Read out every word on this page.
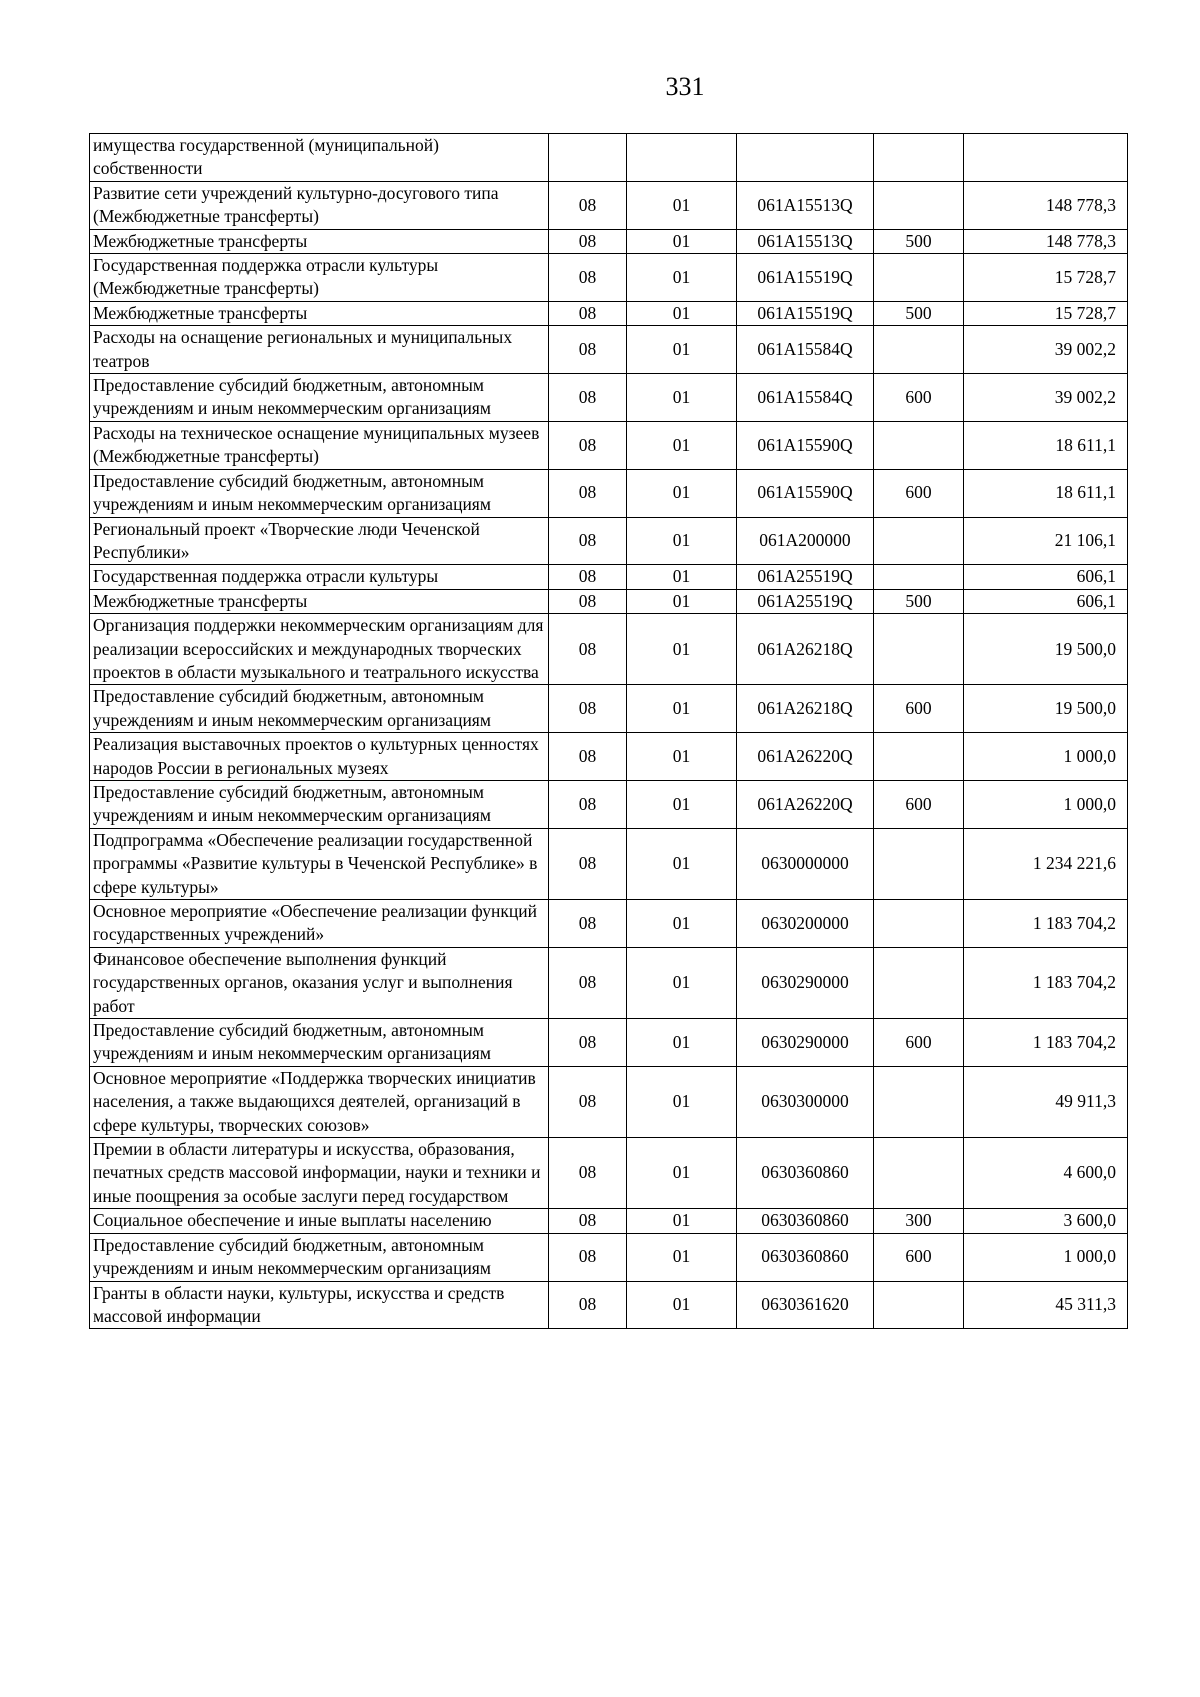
331
имущества государственной (муниципальной) собственности					
Развитие сети учреждений культурно-досугового типа (Межбюджетные трансферты)	08	01	061A15513Q		148 778,3
Межбюджетные трансферты	08	01	061A15513Q	500	148 778,3
Государственная поддержка отрасли культуры (Межбюджетные трансферты)	08	01	061A15519Q		15 728,7
Межбюджетные трансферты	08	01	061A15519Q	500	15 728,7
Расходы на оснащение региональных и муниципальных театров	08	01	061A15584Q		39 002,2
Предоставление субсидий бюджетным, автономным учреждениям и иным некоммерческим организациям	08	01	061A15584Q	600	39 002,2
Расходы на техническое оснащение муниципальных музеев (Межбюджетные трансферты)	08	01	061A15590Q		18 611,1
Предоставление субсидий бюджетным, автономным учреждениям и иным некоммерческим организациям	08	01	061A15590Q	600	18 611,1
Региональный проект «Творческие люди Чеченской Республики»	08	01	061A200000		21 106,1
Государственная поддержка отрасли культуры	08	01	061A25519Q		606,1
Межбюджетные трансферты	08	01	061A25519Q	500	606,1
Организация поддержки некоммерческим организациям для реализации всероссийских и международных творческих проектов в области музыкального и театрального искусства	08	01	061A26218Q		19 500,0
Предоставление субсидий бюджетным, автономным учреждениям и иным некоммерческим организациям	08	01	061A26218Q	600	19 500,0
Реализация выставочных проектов о культурных ценностях народов России в региональных музеях	08	01	061A26220Q		1 000,0
Предоставление субсидий бюджетным, автономным учреждениям и иным некоммерческим организациям	08	01	061A26220Q	600	1 000,0
Подпрограмма «Обеспечение реализации государственной программы «Развитие культуры в Чеченской Республике» в сфере культуры»	08	01	0630000000		1 234 221,6
Основное мероприятие «Обеспечение реализации функций государственных учреждений»	08	01	0630200000		1 183 704,2
Финансовое обеспечение выполнения функций государственных органов, оказания услуг и выполнения работ	08	01	0630290000		1 183 704,2
Предоставление субсидий бюджетным, автономным учреждениям и иным некоммерческим организациям	08	01	0630290000	600	1 183 704,2
Основное мероприятие «Поддержка творческих инициатив населения, а также выдающихся деятелей, организаций в сфере культуры, творческих союзов»	08	01	0630300000		49 911,3
Премии в области литературы и искусства, образования, печатных средств массовой информации, науки и техники и иные поощрения за особые заслуги перед государством	08	01	0630360860		4 600,0
Социальное обеспечение и иные выплаты населению	08	01	0630360860	300	3 600,0
Предоставление субсидий бюджетным, автономным учреждениям и иным некоммерческим организациям	08	01	0630360860	600	1 000,0
Гранты в области науки, культуры, искусства и средств массовой информации	08	01	0630361620		45 311,3
